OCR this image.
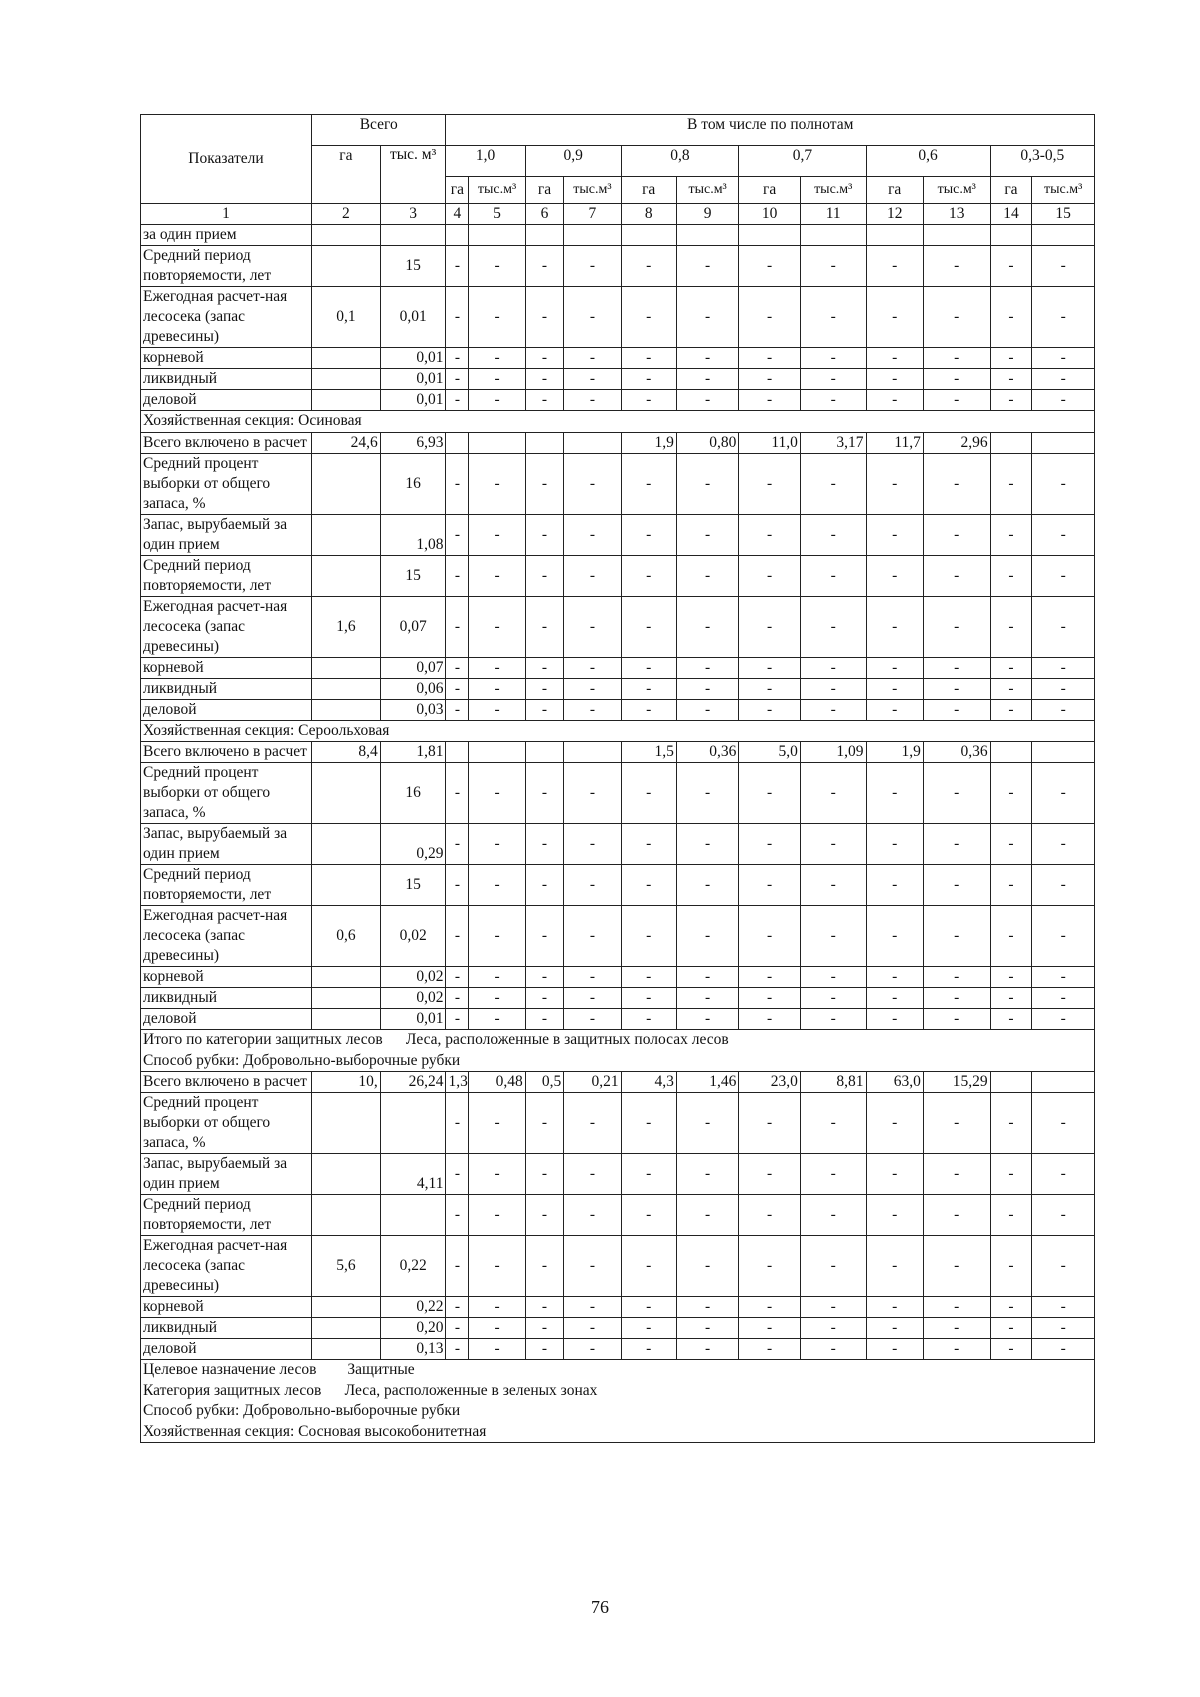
Показатели	Всего		В том числе по полнотам											
	га	тыс. м³	1,0		0,9		0,8		0,7		0,6		0,3-0,5	
			га	тыс.м³	га	тыс.м³	га	тыс.м³	га	тыс.м³	га	тыс.м³	га	тыс.м³
1	2	3	4	5	6	7	8	9	10	11	12	13	14	15
за один прием														
Средний период повторяемости, лет		15	-	-	-	-	-	-	-	-	-	-	-	-
Ежегодная расчет-ная лесосека (запас древесины)	0,1	0,01	-	-	-	-	-	-	-	-	-	-	-	-
корневой		0,01	-	-	-	-	-	-	-	-	-	-	-	-
ликвидный		0,01	-	-	-	-	-	-	-	-	-	-	-	-
деловой		0,01	-	-	-	-	-	-	-	-	-	-	-	-

Хозяйственная секция: Осиновая														

Всего включено в расчет	24,6	6,93					1,9	0,80	11,0	3,17	11,7	2,96		
Средний процент выборки от общего запаса, %		16	-	-	-	-	-	-	-	-	-	-	-	-
Запас, вырубаемый за один прием		1,08	-	-	-	-	-	-	-	-	-	-	-	-
Средний период повторяемости, лет		15	-	-	-	-	-	-	-	-	-	-	-	-
Ежегодная расчет-ная лесосека (запас древесины)	1,6	0,07	-	-	-	-	-	-	-	-	-	-	-	-
корневой		0,07	-	-	-	-	-	-	-	-	-	-	-	-
ликвидный		0,06	-	-	-	-	-	-	-	-	-	-	-	-
деловой		0,03	-	-	-	-	-	-	-	-	-	-	-	-

Хозяйственная секция: Сероольховая														

Всего включено в расчет	8,4	1,81					1,5	0,36	5,0	1,09	1,9	0,36		
Средний процент выборки от общего запаса, %		16	-	-	-	-	-	-	-	-	-	-	-	-
Запас, вырубаемый за один прием		0,29	-	-	-	-	-	-	-	-	-	-	-	-
Средний период повторяемости, лет		15	-	-	-	-	-	-	-	-	-	-	-	-
Ежегодная расчет-ная лесосека (запас древесины)	0,6	0,02	-	-	-	-	-	-	-	-	-	-	-	-
корневой		0,02	-	-	-	-	-	-	-	-	-	-	-	-
ликвидный		0,02	-	-	-	-	-	-	-	-	-	-	-	-
деловой		0,01	-	-	-	-	-	-	-	-	-	-	-	-

Итого по категории защитных лесов      Леса, расположенные в защитных полосах лесов
Способ рубки: Добровольно-выборочные рубки														

Всего включено в расчет	10,	26,24	1,3	0,48	0,5	0,21	4,3	1,46	23,0	8,81	63,0	15,29		
Средний процент выборки от общего запаса, %			-	-	-	-	-	-	-	-	-	-	-	-
Запас, вырубаемый за один прием		4,11	-	-	-	-	-	-	-	-	-	-	-	-
Средний период повторяемости, лет			-	-	-	-	-	-	-	-	-	-	-	-
Ежегодная расчет-ная лесосека (запас древесины)	5,6	0,22	-	-	-	-	-	-	-	-	-	-	-	-
корневой		0,22	-	-	-	-	-	-	-	-	-	-	-	-
ликвидный		0,20	-	-	-	-	-	-	-	-	-	-	-	-
деловой		0,13	-	-	-	-	-	-	-	-	-	-	-	-

Целевое назначение лесов        Защитные
Категория защитных лесов      Леса, расположенные в зеленых зонах
Способ рубки: Добровольно-выборочные рубки
Хозяйственная секция: Сосновая высокобонитетная														
76
